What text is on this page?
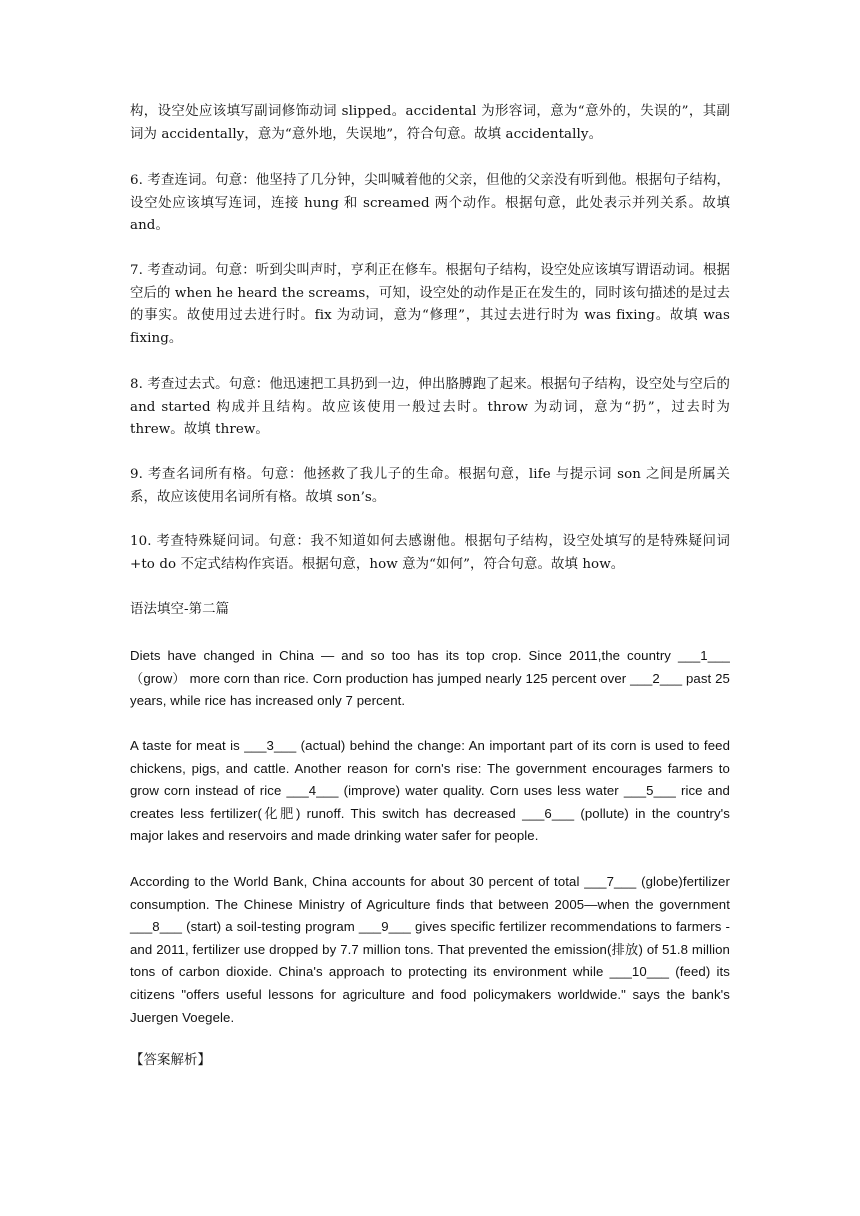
构，设空处应该填写副词修饰动词 slipped。accidental 为形容词，意为“意外的，失误的”，其副词为 accidentally，意为“意外地，失误地”，符合句意。故填 accidentally。

6. 考查连词。句意：他坚持了几分钟，尖叫喊着他的父亲，但他的父亲没有听到他。根据句子结构，设空处应该填写连词，连接 hung 和 screamed 两个动作。根据句意，此处表示并列关系。故填 and。

7. 考查动词。句意：听到尖叫声时，亨利正在修车。根据句子结构，设空处应该填写谓语动词。根据空后的 when he heard the screams，可知，设空处的动作是正在发生的，同时该句描述的是过去的事实。故使用过去进行时。fix 为动词，意为“修理”，其过去进行时为 was fixing。故填 was fixing。

8. 考查过去式。句意：他迅速把工具扔到一边，伸出胳膊跑了起来。根据句子结构，设空处与空后的 and started 构成并且结构。故应该使用一般过去时。throw 为动词，意为“扔”，过去时为 threw。故填 threw。

9. 考查名词所有格。句意：他拯救了我儿子的生命。根据句意，life 与提示词 son 之间是所属关系，故应该使用名词所有格。故填 son’s。

10. 考查特殊疑问词。句意：我不知道如何去感谢他。根据句子结构，设空处填写的是特殊疑问词+to do 不定式结构作宾语。根据句意，how 意为“如何”，符合句意。故填 how。

语法填空-第二篇

Diets have changed in China — and so too has its top crop. Since 2011,the country ___1___（grow） more corn than rice. Corn production has jumped nearly 125 percent over ___2___ past 25 years, while rice has increased only 7 percent.

A taste for meat is ___3___ (actual) behind the change: An important part of its corn is used to feed chickens, pigs, and cattle. Another reason for corn's rise: The government encourages farmers to grow corn instead of rice ___4___ (improve) water quality. Corn uses less water ___5___ rice and creates less fertilizer(化肥) runoff. This switch has decreased ___6___ (pollute) in the country's major lakes and reservoirs and made drinking water safer for people.

According to the World Bank, China accounts for about 30 percent of total ___7___ (globe)fertilizer consumption. The Chinese Ministry of Agriculture finds that between 2005—when the government ___8___ (start) a soil-testing program ___9___ gives specific fertilizer recommendations to farmers - and 2011, fertilizer use dropped by 7.7 million tons. That prevented the emission(排放) of 51.8 million tons of carbon dioxide. China's approach to protecting its environment while ___10___ (feed) its citizens "offers useful lessons for agriculture and food policymakers worldwide." says the bank's Juergen Voegele.

【答案解析】
